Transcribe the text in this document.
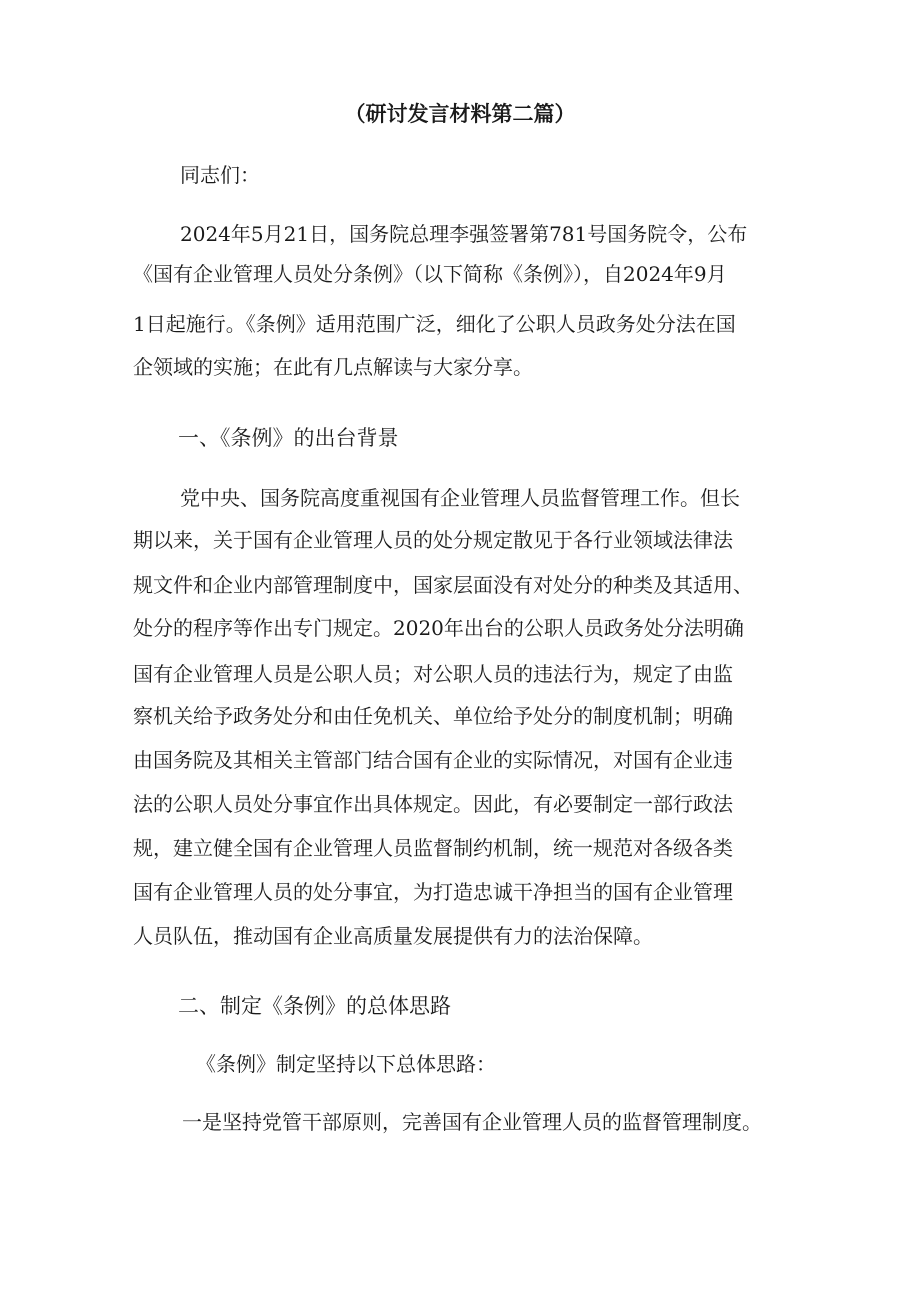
（研讨发言材料第二篇）
同志们：
2024年5月21日，国务院总理李强签署第781号国务院令，公布
《国有企业管理人员处分条例》（以下简称《条例》），自2024年9月
1日起施行。《条例》适用范围广泛，细化了公职人员政务处分法在国
企领域的实施；在此有几点解读与大家分享。
一、《条例》的出台背景
党中央、国务院高度重视国有企业管理人员监督管理工作。但长
期以来，关于国有企业管理人员的处分规定散见于各行业领域法律法
规文件和企业内部管理制度中，国家层面没有对处分的种类及其适用、
处分的程序等作出专门规定。2020年出台的公职人员政务处分法明确
国有企业管理人员是公职人员；对公职人员的违法行为，规定了由监
察机关给予政务处分和由任免机关、单位给予处分的制度机制；明确
由国务院及其相关主管部门结合国有企业的实际情况，对国有企业违
法的公职人员处分事宜作出具体规定。因此，有必要制定一部行政法
规，建立健全国有企业管理人员监督制约机制，统一规范对各级各类
国有企业管理人员的处分事宜，为打造忠诚干净担当的国有企业管理
人员队伍，推动国有企业高质量发展提供有力的法治保障。
二、制定《条例》的总体思路
《条例》制定坚持以下总体思路：
一是坚持党管干部原则，完善国有企业管理人员的监督管理制度。
